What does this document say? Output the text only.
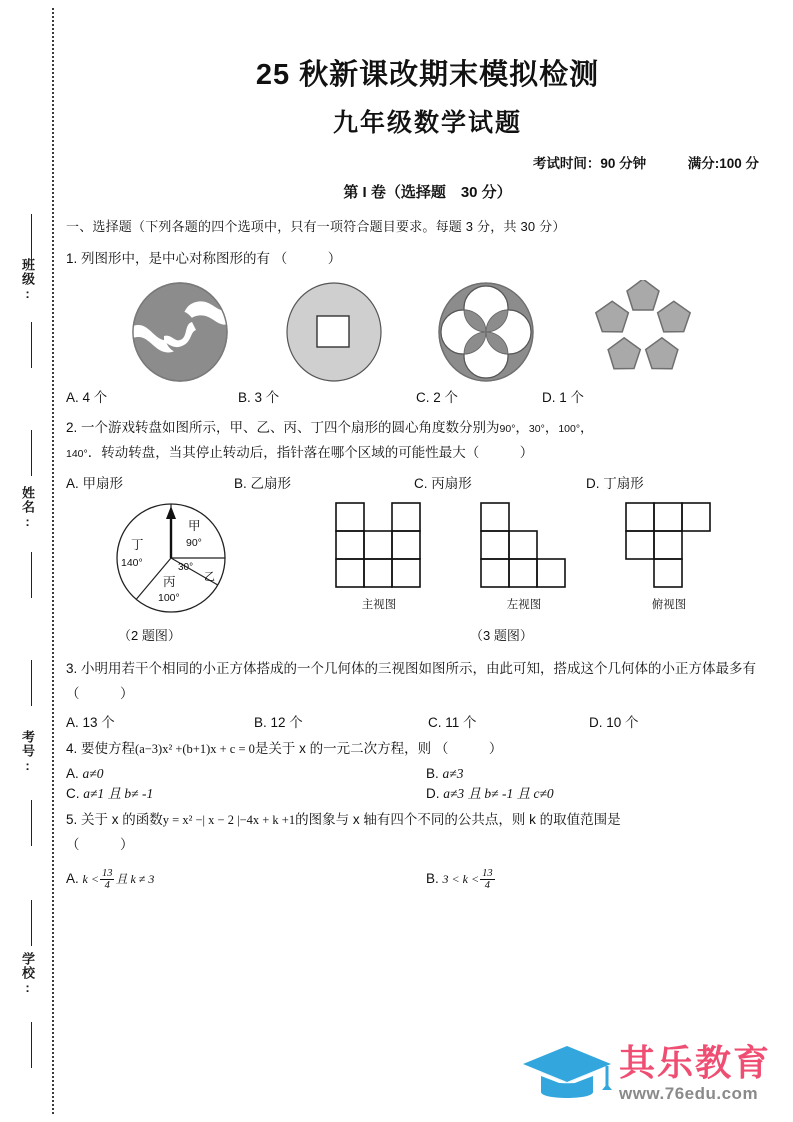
班级:
姓名:
考号:
学校:
25 秋新课改期末模拟检测
九年级数学试题
考试时间：90 分钟	满分:100 分
第 I 卷（选择题　30 分）
一、选择题（下列各题的四个选项中，只有一项符合题目要求。每题 3 分，共 30 分）
1. 列图形中，是中心对称图形的有 （　　　）
A. 4 个	B. 3 个	C. 2 个	D. 1 个
2. 一个游戏转盘如图所示，甲、乙、丙、丁四个扇形的圆心角度数分别为90°，30°，100°，
140°．转动转盘，当其停止转动后，指针落在哪个区域的可能性最大（　　　）
A. 甲扇形	B. 乙扇形	C. 丙扇形	D. 丁扇形
甲
90°
乙
30°
丙
100°
丁
140°
主视图	左视图	俯视图
（2 题图）	（3 题图）
3. 小明用若干个相同的小正方体搭成的一个几何体的三视图如图所示，由此可知，搭成这个几何体的小正方体最多有 （　　　）
A. 13 个	B. 12 个	C. 11 个	D. 10 个
4. 要使方程(a−3)x² +(b+1)x + c = 0是关于 x 的一元二次方程，则 （　　　）
A. a≠0	B. a≠3
C. a≠1 且 b≠ -1	D. a≠3 且 b≠ -1 且 c≠0
5. 关于 x 的函数y = x² −| x − 2 |−4x + k +1的图象与 x 轴有四个不同的公共点，则 k 的取值范围是
（　　　）
A. $k < \frac{13}{4}$ 且 k ≠ 3	B. $3 < k < \frac{13}{4}$
其乐教育
www.76edu.com
